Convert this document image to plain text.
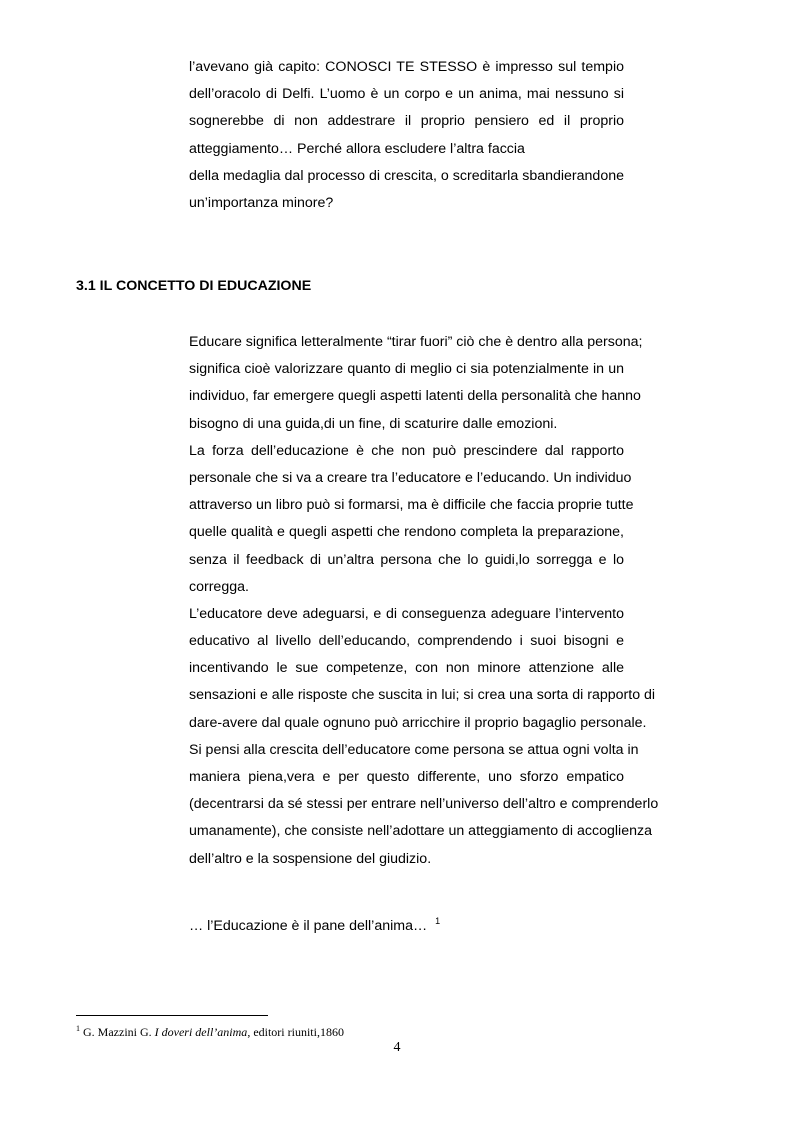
l’avevano già capito: CONOSCI TE STESSO è impresso sul tempio
dell’oracolo di Delfi. L’uomo è un corpo e un anima, mai nessuno si
sognerebbe di non addestrare il proprio pensiero ed il proprio
atteggiamento… Perché allora escludere l’altra faccia
della medaglia dal processo di crescita, o screditarla sbandierandone
un’importanza minore?
3.1 IL CONCETTO DI EDUCAZIONE
Educare significa letteralmente “tirar fuori” ciò che è dentro alla persona;
significa cioè valorizzare quanto di meglio ci sia potenzialmente in un
individuo, far emergere quegli aspetti latenti della personalità che hanno
bisogno di una guida,di un fine, di scaturire dalle emozioni.
La forza dell’educazione è che non può prescindere dal rapporto
personale che si va a creare tra l’educatore e l’educando. Un individuo
attraverso un libro può si formarsi, ma è difficile che faccia proprie tutte
quelle qualità e quegli aspetti che rendono completa la preparazione,
senza il feedback di un’altra persona che lo guidi,lo sorregga e lo
corregga.
L’educatore deve adeguarsi, e di conseguenza adeguare l’intervento
educativo al livello dell’educando, comprendendo i suoi bisogni e
incentivando le sue competenze, con non minore attenzione alle
sensazioni e alle risposte che suscita in lui; si crea una sorta di rapporto di
dare-avere dal quale ognuno può arricchire il proprio bagaglio personale.
Si pensi alla crescita dell’educatore come persona se attua ogni volta in
maniera piena,vera e per questo differente, uno sforzo empatico
(decentrarsi da sé stessi per entrare nell’universo dell’altro e comprenderlo
umanamente), che consiste nell’adottare un atteggiamento di accoglienza
dell’altro e la sospensione del giudizio.
… l’Educazione è il pane dell’anima… $^1$
$^1$ G. Mazzini G. I doveri dell’anima, editori riuniti,1860
4
